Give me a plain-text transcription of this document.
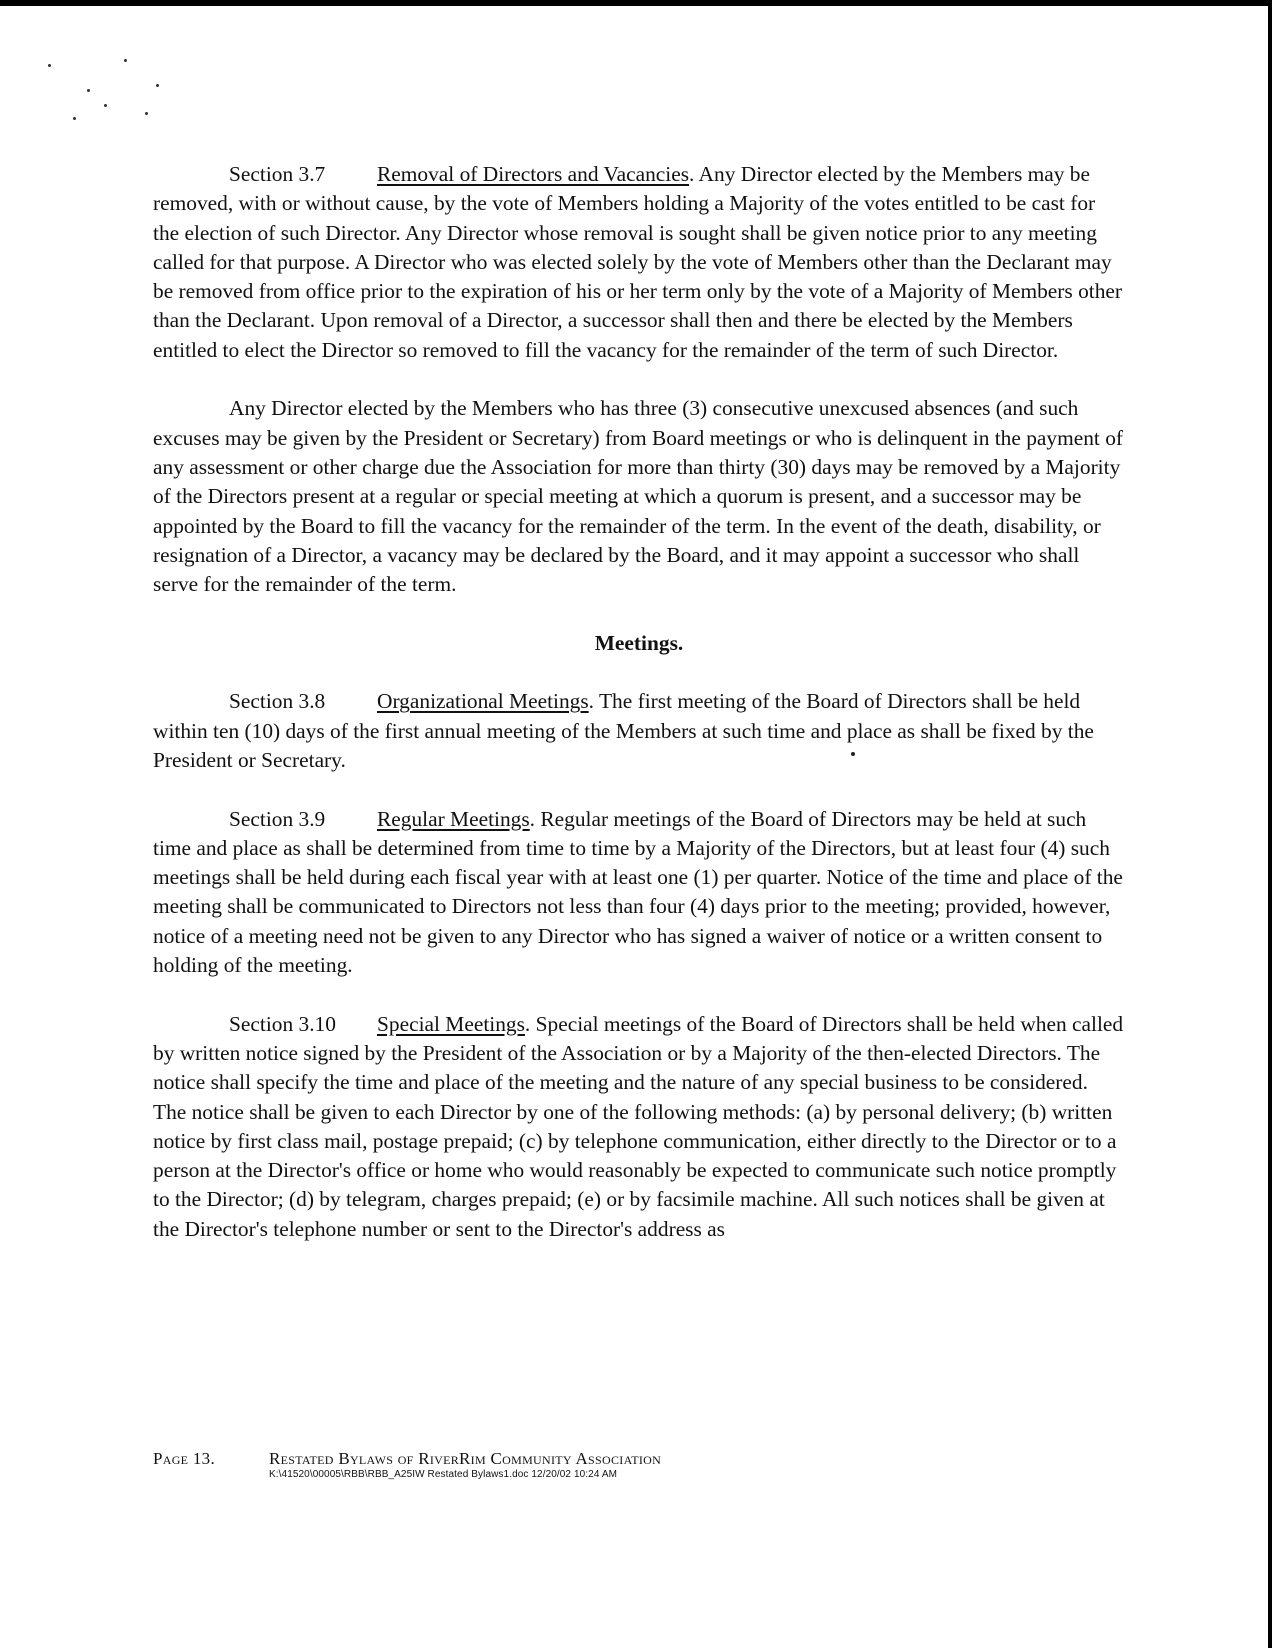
Section 3.7 Removal of Directors and Vacancies. Any Director elected by the Members may be removed, with or without cause, by the vote of Members holding a Majority of the votes entitled to be cast for the election of such Director. Any Director whose removal is sought shall be given notice prior to any meeting called for that purpose. A Director who was elected solely by the vote of Members other than the Declarant may be removed from office prior to the expiration of his or her term only by the vote of a Majority of Members other than the Declarant. Upon removal of a Director, a successor shall then and there be elected by the Members entitled to elect the Director so removed to fill the vacancy for the remainder of the term of such Director.

Any Director elected by the Members who has three (3) consecutive unexcused absences (and such excuses may be given by the President or Secretary) from Board meetings or who is delinquent in the payment of any assessment or other charge due the Association for more than thirty (30) days may be removed by a Majority of the Directors present at a regular or special meeting at which a quorum is present, and a successor may be appointed by the Board to fill the vacancy for the remainder of the term. In the event of the death, disability, or resignation of a Director, a vacancy may be declared by the Board, and it may appoint a successor who shall serve for the remainder of the term.

Meetings.

Section 3.8 Organizational Meetings. The first meeting of the Board of Directors shall be held within ten (10) days of the first annual meeting of the Members at such time and place as shall be fixed by the President or Secretary.

Section 3.9 Regular Meetings. Regular meetings of the Board of Directors may be held at such time and place as shall be determined from time to time by a Majority of the Directors, but at least four (4) such meetings shall be held during each fiscal year with at least one (1) per quarter. Notice of the time and place of the meeting shall be communicated to Directors not less than four (4) days prior to the meeting; provided, however, notice of a meeting need not be given to any Director who has signed a waiver of notice or a written consent to holding of the meeting.

Section 3.10 Special Meetings. Special meetings of the Board of Directors shall be held when called by written notice signed by the President of the Association or by a Majority of the then-elected Directors. The notice shall specify the time and place of the meeting and the nature of any special business to be considered. The notice shall be given to each Director by one of the following methods: (a) by personal delivery; (b) written notice by first class mail, postage prepaid; (c) by telephone communication, either directly to the Director or to a person at the Director's office or home who would reasonably be expected to communicate such notice promptly to the Director; (d) by telegram, charges prepaid; (e) or by facsimile machine. All such notices shall be given at the Director's telephone number or sent to the Director's address as

Page 13.	Restated Bylaws of RiverRim Community Association
K:\41520\00005\RBB\RBB_A25IW Restated Bylaws1.doc 12/20/02 10:24 AM
